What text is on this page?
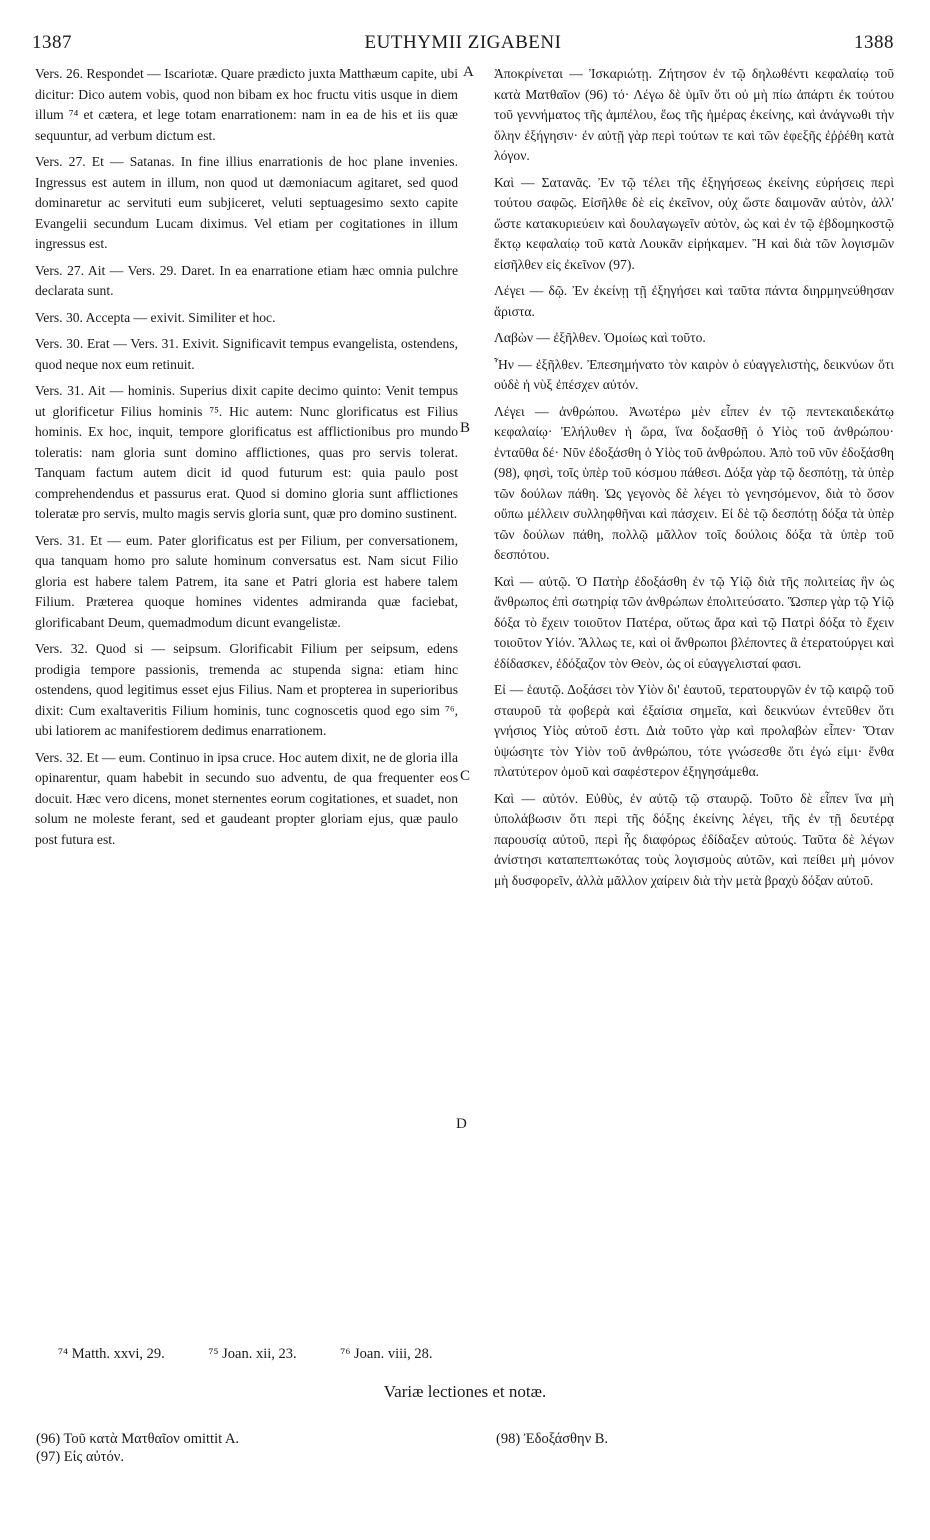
1387	EUTHYMII ZIGABENI	1388

Vers. 26. Respondet — Iscariotæ. Quare prædicto juxta Matthæum capite, ubi dicitur: Dico autem vobis, quod non bibam ex hoc fructu vitis usque in diem illum ⁷⁴ et cætera, et lege totam enarrationem: nam in ea de his et iis quæ sequuntur, ad verbum dictum est.

Vers. 27. Et — Satanas. In fine illius enarrationis de hoc plane invenies. Ingressus est autem in illum, non quod ut dæmoniacum agitaret, sed quod dominaretur ac servituti eum subjiceret, veluti septuagesimo sexto capite Evangelii secundum Lucam diximus. Vel etiam per cogitationes in illum ingressus est.

Vers. 27. Ait — Vers. 29. Daret. In ea enarratione etiam hæc omnia pulchre declarata sunt.

Vers. 30. Accepta — exivit. Similiter et hoc.

Vers. 30. Erat — Vers. 31. Exivit. Significavit tempus evangelista, ostendens, quod neque nox eum retinuit.

Vers. 31. Ait — hominis. Superius dixit capite decimo quinto: Venit tempus ut glorificetur Filius hominis ⁷⁵. Hic autem: Nunc glorificatus est Filius hominis. Ex hoc, inquit, tempore glorificatus est afflictionibus pro mundo toleratis: nam gloria sunt domino afflictiones, quas pro servis tolerat. Tanquam factum autem dicit id quod futurum est: quia paulo post comprehendendus et passurus erat. Quod si domino gloria sunt afflictiones toleratæ pro servis, multo magis servis gloria sunt, quæ pro domino sustinent.

Vers. 31. Et — eum. Pater glorificatus est per Filium, per conversationem, qua tanquam homo pro salute hominum conversatus est. Nam sicut Filio gloria est habere talem Patrem, ita sane et Patri gloria est habere talem Filium. Præterea quoque homines videntes admiranda quæ faciebat, glorificabant Deum, quemadmodum dicunt evangelistæ.

Vers. 32. Quod si — seipsum. Glorificabit Filium per seipsum, edens prodigia tempore passionis, tremenda ac stupenda signa: etiam hinc ostendens, quod legitimus esset ejus Filius. Nam et propterea in superioribus dixit: Cum exaltaveritis Filium hominis, tunc cognoscetis quod ego sim ⁷⁶, ubi latiorem ac manifestiorem dedimus enarrationem.

Vers. 32. Et — eum. Continuo in ipsa cruce. Hoc autem dixit, ne de gloria illa opinarentur, quam habebit in secundo suo adventu, de qua frequenter eos docuit. Hæc vero dicens, monet sternentes eorum cogitationes, et suadet, non solum ne moleste ferant, sed et gaudeant propter gloriam ejus, quæ paulo post futura est.

Ἀποκρίνεται — Ἰσκαριώτῃ. Ζήτησον ἐν τῷ δηλωθέντι κεφαλαίῳ τοῦ κατὰ Ματθαῖον (96) τό· Λέγω δὲ ὑμῖν ὅτι οὐ μὴ πίω ἀπάρτι ἐκ τούτου τοῦ γεννήματος τῆς ἀμπέλου, ἕως τῆς ἡμέρας ἐκείνης, καὶ ἀνάγνωθι τὴν ὅλην ἐξήγησιν· ἐν αὐτῇ γὰρ περὶ τούτων τε καὶ τῶν ἐφεξῆς ἐῤῥέθη κατὰ λόγον.

Καὶ — Σατανᾶς. Ἐν τῷ τέλει τῆς ἐξηγήσεως ἐκείνης εὑρήσεις περὶ τούτου σαφῶς. Εἰσῆλθε δὲ εἰς ἐκεῖνον, οὐχ ὥστε δαιμονᾶν αὐτὸν, ἀλλ' ὥστε κατακυριεύειν καὶ δουλαγωγεῖν αὐτὸν, ὡς καὶ ἐν τῷ ἑβδομηκοστῷ ἕκτῳ κεφαλαίῳ τοῦ κατὰ Λουκᾶν εἰρήκαμεν. Ἢ καὶ διὰ τῶν λογισμῶν εἰσῆλθεν εἰς ἐκεῖνον (97).

Λέγει — δῷ. Ἐν ἐκείνῃ τῇ ἐξηγήσει καὶ ταῦτα πάντα διηρμηνεύθησαν ἄριστα.

Λαβὼν — ἐξῆλθεν. Ὁμοίως καὶ τοῦτο.

Ἦν — ἐξῆλθεν. Ἐπεσημήνατο τὸν καιρὸν ὁ εὐαγγελιστὴς, δεικνύων ὅτι οὐδὲ ἡ νὺξ ἐπέσχεν αὐτόν.

Λέγει — ἀνθρώπου. Ἀνωτέρω μὲν εἶπεν ἐν τῷ πεντεκαιδεκάτῳ κεφαλαίῳ· Ἐλήλυθεν ἡ ὥρα, ἵνα δοξασθῇ ὁ Υἱὸς τοῦ ἀνθρώπου· ἐνταῦθα δέ· Νῦν ἐδοξάσθη ὁ Υἱὸς τοῦ ἀνθρώπου. Ἀπὸ τοῦ νῦν ἐδοξάσθη (98), φησὶ, τοῖς ὑπὲρ τοῦ κόσμου πάθεσι. Δόξα γὰρ τῷ δεσπότῃ, τὰ ὑπὲρ τῶν δούλων πάθη. Ὡς γεγονὸς δὲ λέγει τὸ γενησόμενον, διὰ τὸ ὅσον οὔπω μέλλειν συλληφθῆναι καὶ πάσχειν. Εἰ δὲ τῷ δεσπότῃ δόξα τὰ ὑπὲρ τῶν δούλων πάθη, πολλῷ μᾶλλον τοῖς δούλοις δόξα τὰ ὑπὲρ τοῦ δεσπότου.

Καὶ — αὐτῷ. Ὁ Πατὴρ ἐδοξάσθη ἐν τῷ Υἱῷ διὰ τῆς πολιτείας ἣν ὡς ἄνθρωπος ἐπὶ σωτηρίᾳ τῶν ἀνθρώπων ἐπολιτεύσατο. Ὥσπερ γὰρ τῷ Υἱῷ δόξα τὸ ἔχειν τοιοῦτον Πατέρα, οὕτως ἄρα καὶ τῷ Πατρὶ δόξα τὸ ἔχειν τοιοῦτον Υἱόν. Ἄλλως τε, καὶ οἱ ἄνθρωποι βλέποντες ἃ ἐτερατούργει καὶ ἐδίδασκεν, ἐδόξαζον τὸν Θεὸν, ὡς οἱ εὐαγγελισταί φασι.

Εἰ — ἑαυτῷ. Δοξάσει τὸν Υἱὸν δι' ἑαυτοῦ, τερατουργῶν ἐν τῷ καιρῷ τοῦ σταυροῦ τὰ φοβερὰ καὶ ἐξαίσια σημεῖα, καὶ δεικνύων ἐντεῦθεν ὅτι γνήσιος Υἱὸς αὐτοῦ ἐστι. Διὰ τοῦτο γὰρ καὶ προλαβὼν εἶπεν· Ὅταν ὑψώσητε τὸν Υἱὸν τοῦ ἀνθρώπου, τότε γνώσεσθε ὅτι ἐγώ εἰμι· ἔνθα πλατύτερον ὁμοῦ καὶ σαφέστερον ἐξηγησάμεθα.

Καὶ — αὐτόν. Εὐθὺς, ἐν αὐτῷ τῷ σταυρῷ. Τοῦτο δὲ εἶπεν ἵνα μὴ ὑπολάβωσιν ὅτι περὶ τῆς δόξης ἐκείνης λέγει, τῆς ἐν τῇ δευτέρᾳ παρουσίᾳ αὐτοῦ, περὶ ἧς διαφόρως ἐδίδαξεν αὐτούς. Ταῦτα δὲ λέγων ἀνίστησι καταπεπτωκότας τοὺς λογισμοὺς αὐτῶν, καὶ πείθει μὴ μόνον μὴ δυσφορεῖν, ἀλλὰ μᾶλλον χαίρειν διὰ τὴν μετὰ βραχὺ δόξαν αὐτοῦ.

A
B
C
D
⁷⁴ Matth. xxvi, 29.	⁷⁵ Joan. xii, 23.	⁷⁶ Joan. viii, 28.
Variæ lectiones et notæ.
(96) Τοῦ κατὰ Ματθαῖον omittit A.
(97) Εἰς αὐτόν.
(98) Ἐδοξάσθην B.
